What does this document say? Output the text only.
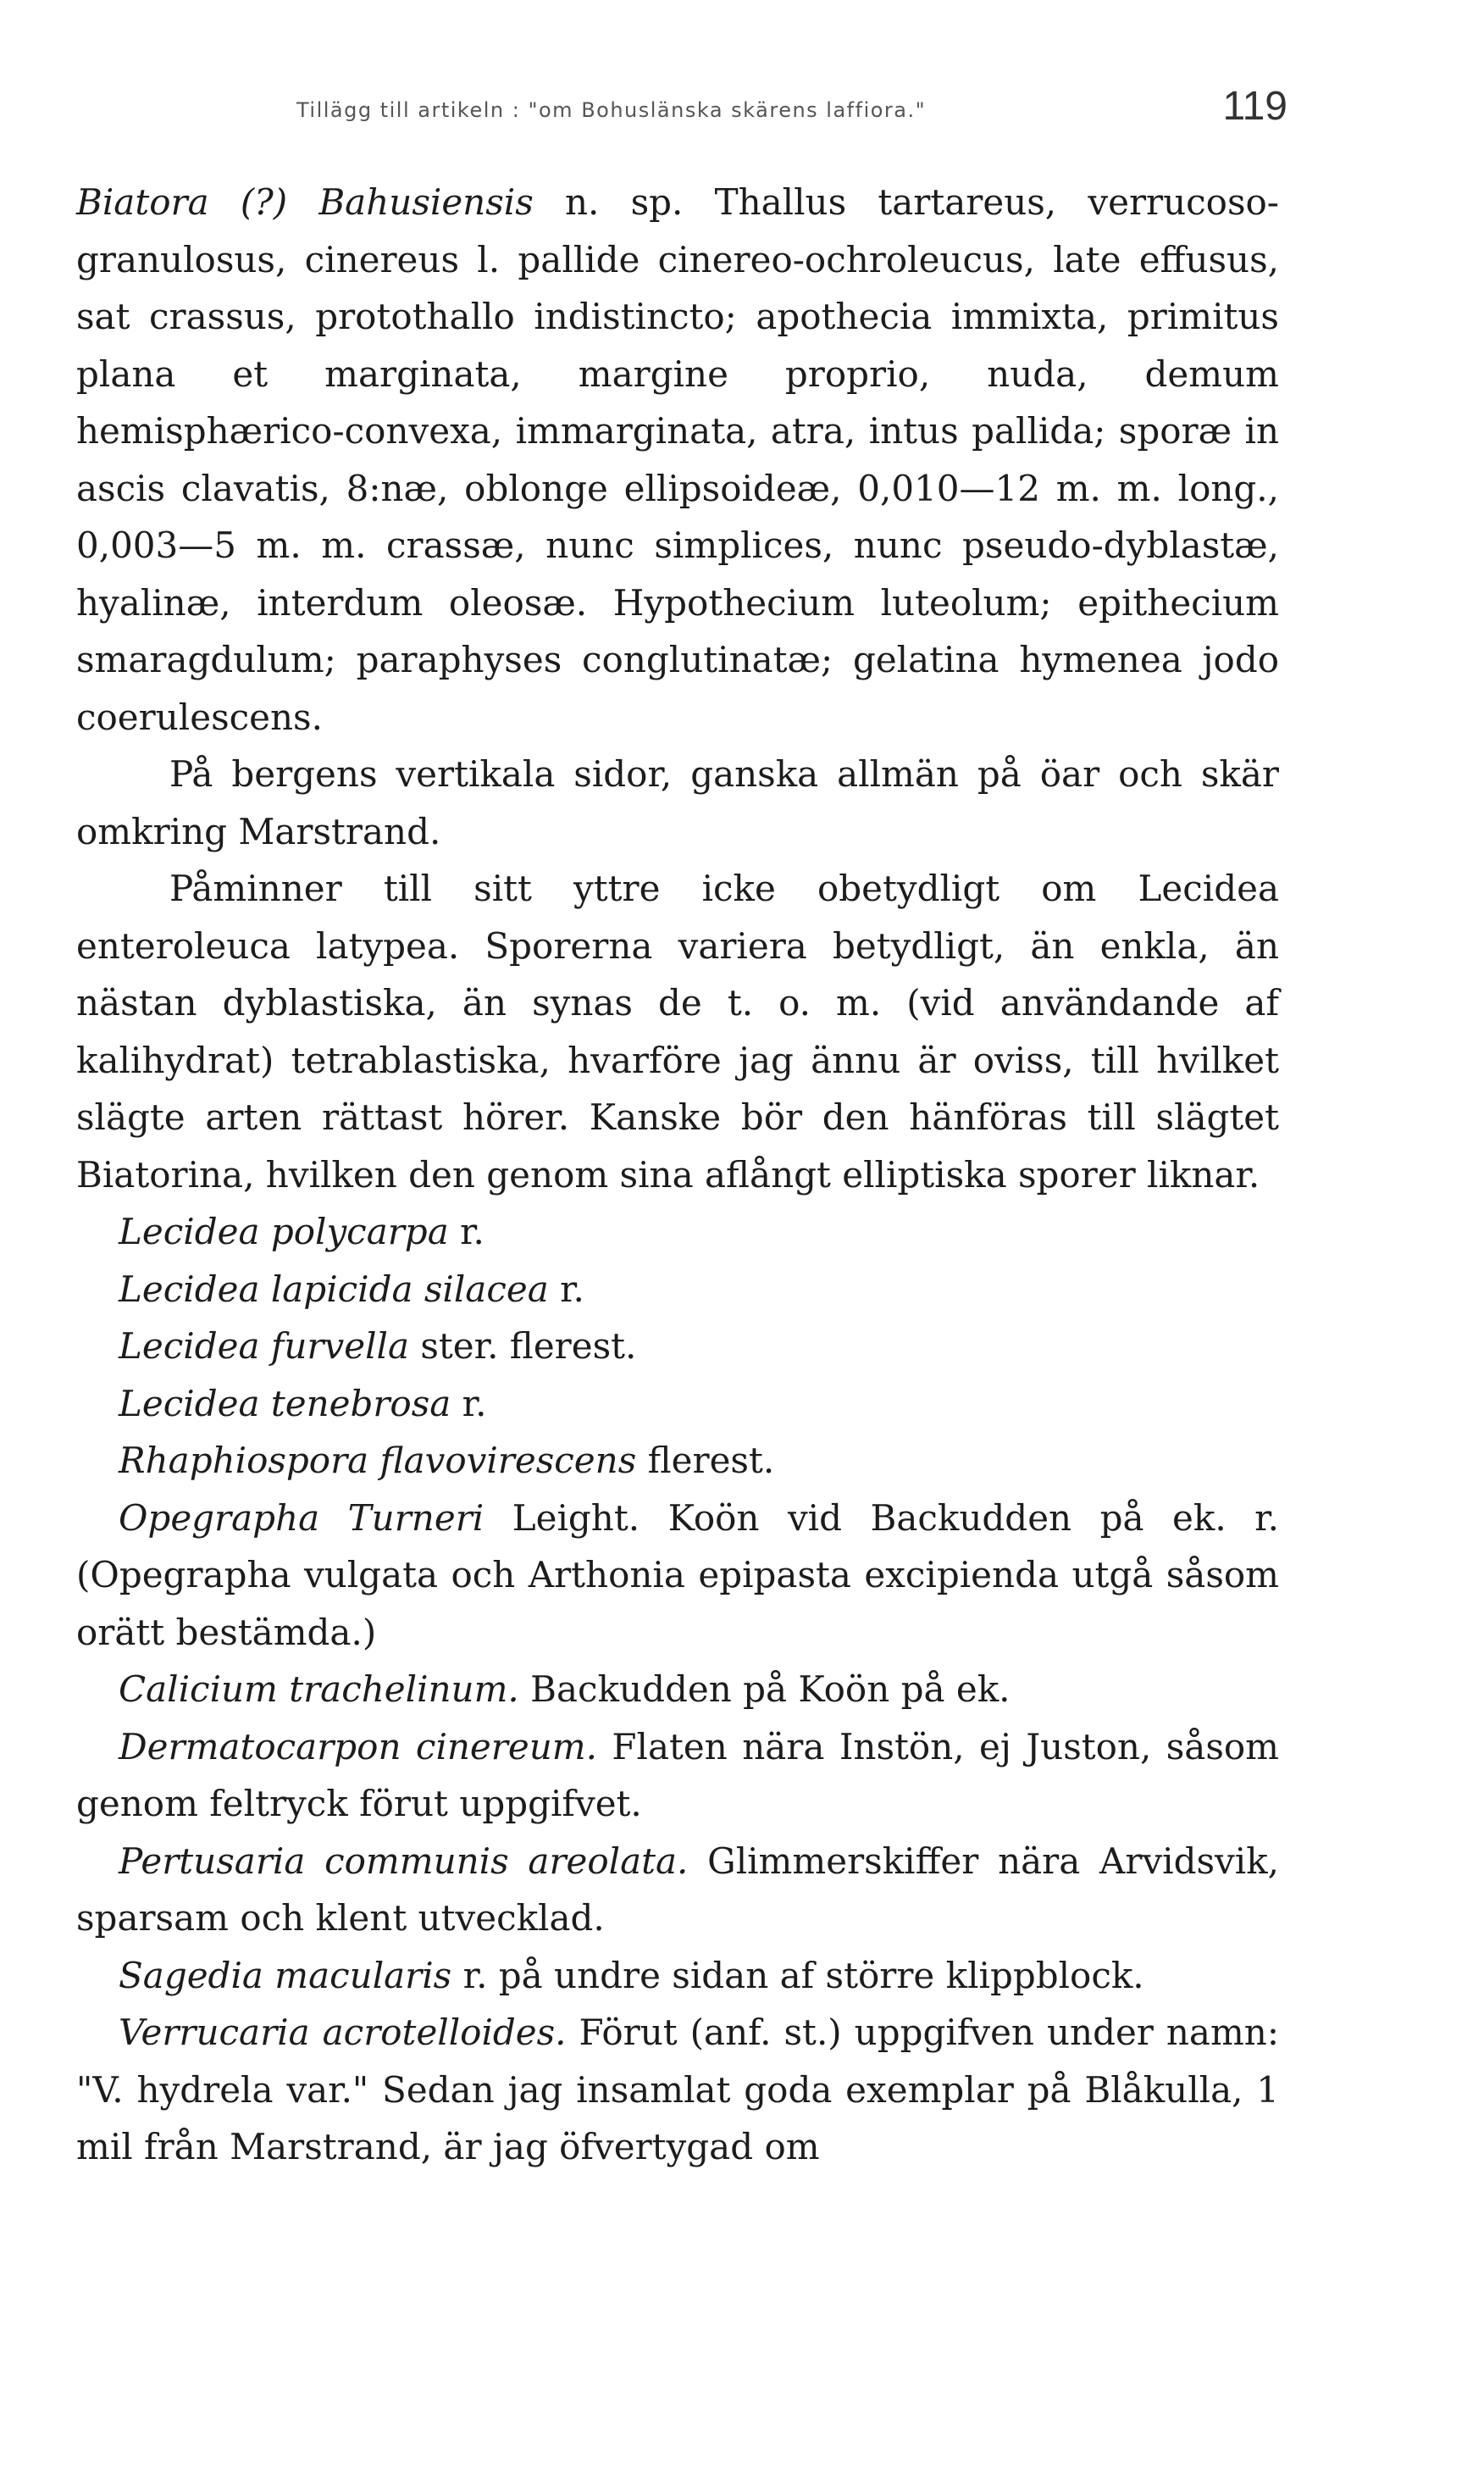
Tillägg till artikeln : "om Bohuslänska skärens laffiora."	119

Biatora (?) Bahusiensis n. sp. Thallus tartareus, verrucoso-granulosus, cinereus l. pallide cinereo-ochroleucus, late effusus, sat crassus, protothallo indistincto; apothecia immixta, primitus plana et marginata, margine proprio, nuda, demum hemisphærico-convexa, immarginata, atra, intus pallida; sporæ in ascis clavatis, 8:næ, oblonge ellipsoideæ, 0,010—12 m. m. long., 0,003—5 m. m. crassæ, nunc simplices, nunc pseudo-dyblastæ, hyalinæ, interdum oleosæ. Hypothecium luteolum; epithecium smaragdulum; paraphyses conglutinatæ; gelatina hymenea jodo coerulescens.

På bergens vertikala sidor, ganska allmän på öar och skär omkring Marstrand.

Påminner till sitt yttre icke obetydligt om Lecidea enteroleuca latypea. Sporerna variera betydligt, än enkla, än nästan dyblastiska, än synas de t. o. m. (vid användande af kalihydrat) tetrablastiska, hvarföre jag ännu är oviss, till hvilket slägte arten rättast hörer. Kanske bör den hänföras till slägtet Biatorina, hvilken den genom sina aflångt elliptiska sporer liknar.

Lecidea polycarpa r.

Lecidea lapicida silacea r.

Lecidea furvella ster. flerest.

Lecidea tenebrosa r.

Rhaphiospora flavovirescens flerest.

Opegrapha Turneri Leight. Koön vid Backudden på ek. r. (Opegrapha vulgata och Arthonia epipasta excipienda utgå såsom orätt bestämda.)

Calicium trachelinum. Backudden på Koön på ek.

Dermatocarpon cinereum. Flaten nära Instön, ej Juston, såsom genom feltryck förut uppgifvet.

Pertusaria communis areolata. Glimmerskiffer nära Arvidsvik, sparsam och klent utvecklad.

Sagedia macularis r. på undre sidan af större klippblock.

Verrucaria acrotelloides. Förut (anf. st.) uppgifven under namn: "V. hydrela var." Sedan jag insamlat goda exemplar på Blåkulla, 1 mil från Marstrand, är jag öfvertygad om
